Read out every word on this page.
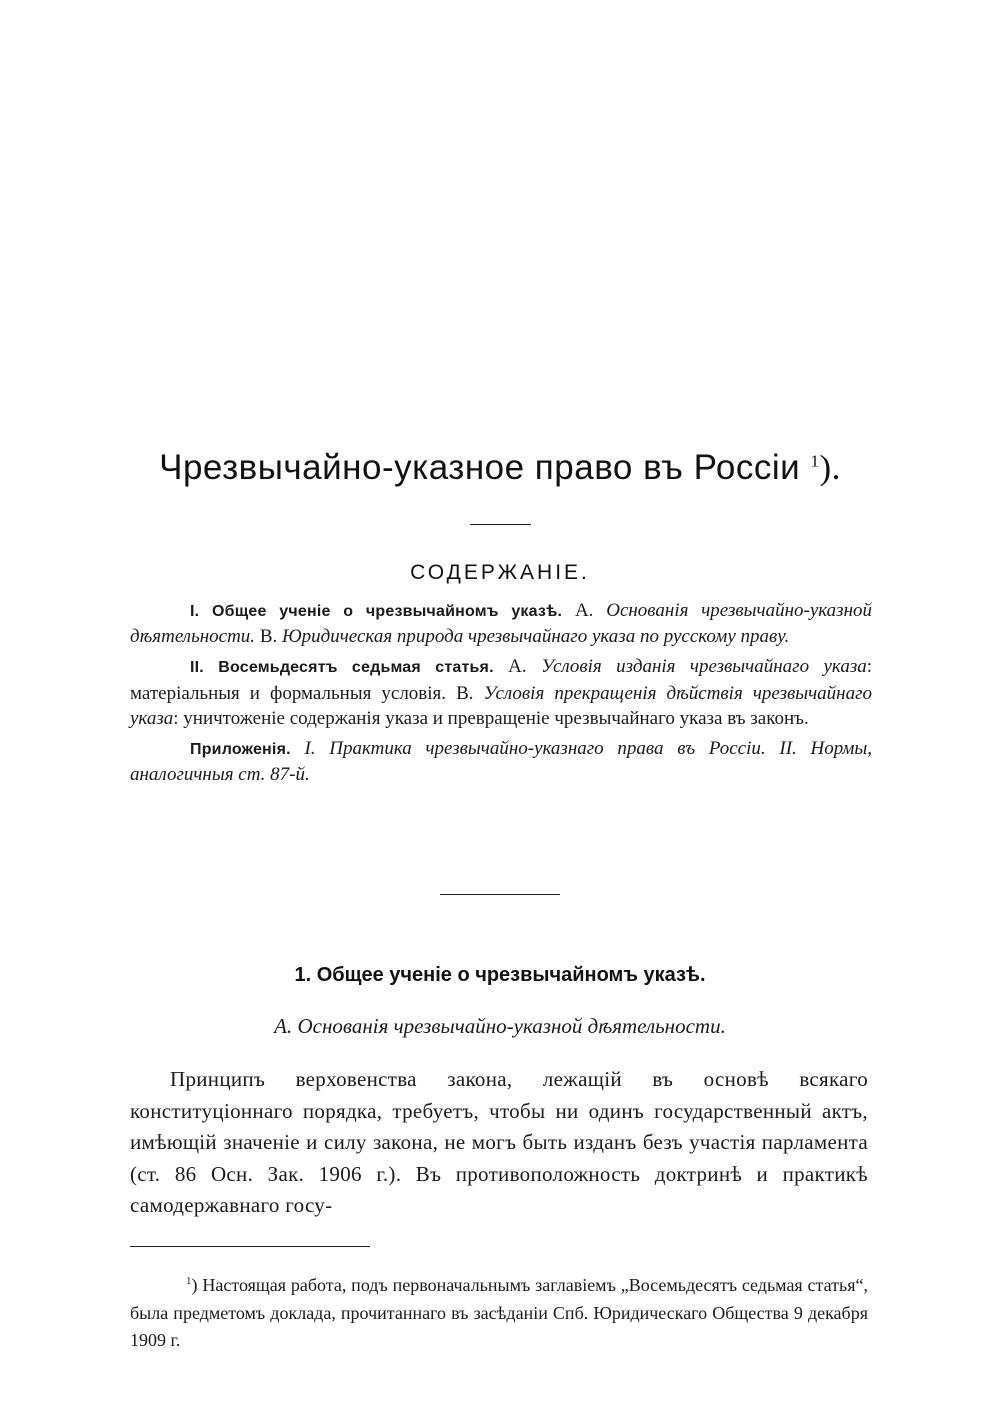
Чрезвычайно-указное право въ Россіи $^1$).
СОДЕРЖАНІЕ.

I. Общее ученіе о чрезвычайномъ указѣ. А. Основанія чрезвычайно-указной дѣятельности. В. Юридическая природа чрезвычайнаго указа по русскому праву.

II. Восемьдесятъ седьмая статья. А. Условія изданія чрезвычайнаго указа: матеріальныя и формальныя условія. В. Условія прекращенія дѣйствія чрезвычайнаго указа: уничтоженіе содержанія указа и превращеніе чрезвычайнаго указа въ законъ.

Приложенія. I. Практика чрезвычайно-указнаго права въ Россіи. II. Нормы, аналогичныя ст. 87-й.

1. Общее ученіе о чрезвычайномъ указѣ.
А. Основанія чрезвычайно-указной дѣятельности.

Принципъ верховенства закона, лежащій въ основѣ всякаго конституціоннаго порядка, требуетъ, чтобы ни одинъ государственный актъ, имѣющій значеніе и силу закона, не могъ быть изданъ безъ участія парламента (ст. 86 Осн. Зак. 1906 г.). Въ противоположность доктринѣ и практикѣ самодержавнаго госу-

$^1$) Настоящая работа, подъ первоначальнымъ заглавіемъ „Восемьдесятъ седьмая статья“, была предметомъ доклада, прочитаннаго въ засѣданіи Спб. Юридическаго Общества 9 декабря 1909 г.
